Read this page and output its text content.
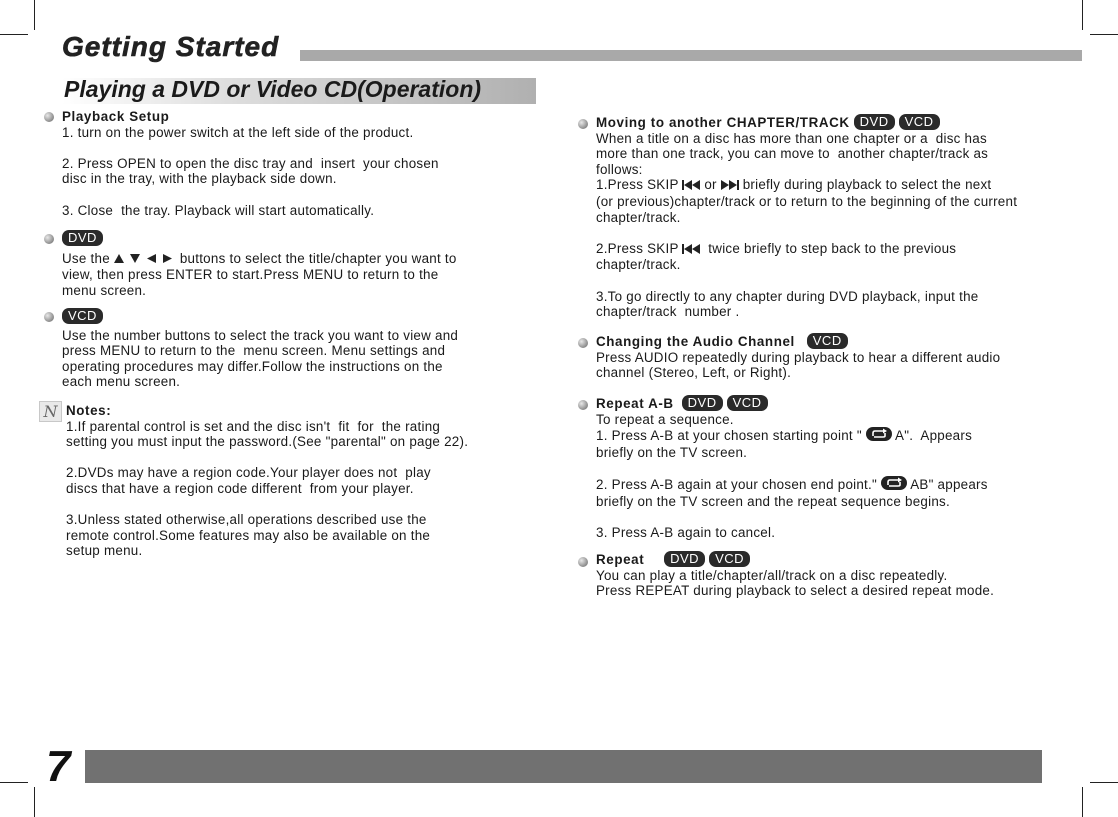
Getting Started
Playing a DVD or Video CD(Operation)
Playback Setup
1. turn on the power switch at the left side of the product.
2. Press OPEN to open the disc tray and  insert  your chosen
disc in the tray, with the playback side down.
3. Close  the tray. Playback will start automatically.
DVD
Use the	buttons to select the title/chapter you want to
view, then press ENTER to start.Press MENU to return to the
menu screen.
VCD
Use the number buttons to select the track you want to view and
press MENU to return to the  menu screen. Menu settings and
operating procedures may differ.Follow the instructions on the
each menu screen.
N Notes:
1.If parental control is set and the disc isn't  fit  for  the rating
setting you must input the password.(See "parental" on page 22).
2.DVDs may have a region code.Your player does not  play
discs that have a region code different  from your player.
3.Unless stated otherwise,all operations described use the
remote control.Some features may also be available on the
setup menu.
Moving to another CHAPTER/TRACK DVD VCD
When a title on a disc has more than one chapter or a  disc has
more than one track, you can move to  another chapter/track as
follows:
1.Press SKIP  or  briefly during playback to select the next
(or previous)chapter/track or to return to the beginning of the current
chapter/track.
2.Press SKIP   twice briefly to step back to the previous
chapter/track.
3.To go directly to any chapter during DVD playback, input the
chapter/track  number .
Changing the Audio Channel VCD
Press AUDIO repeatedly during playback to hear a different audio
channel (Stereo, Left, or Right).
Repeat A-B DVD VCD
To repeat a sequence.
1. Press A-B at your chosen starting point "  A".  Appears
briefly on the TV screen.
2. Press A-B again at your chosen end point."  AB" appears
briefly on the TV screen and the repeat sequence begins.
3. Press A-B again to cancel.
Repeat DVD VCD
You can play a title/chapter/all/track on a disc repeatedly.
Press REPEAT during playback to select a desired repeat mode.
7
